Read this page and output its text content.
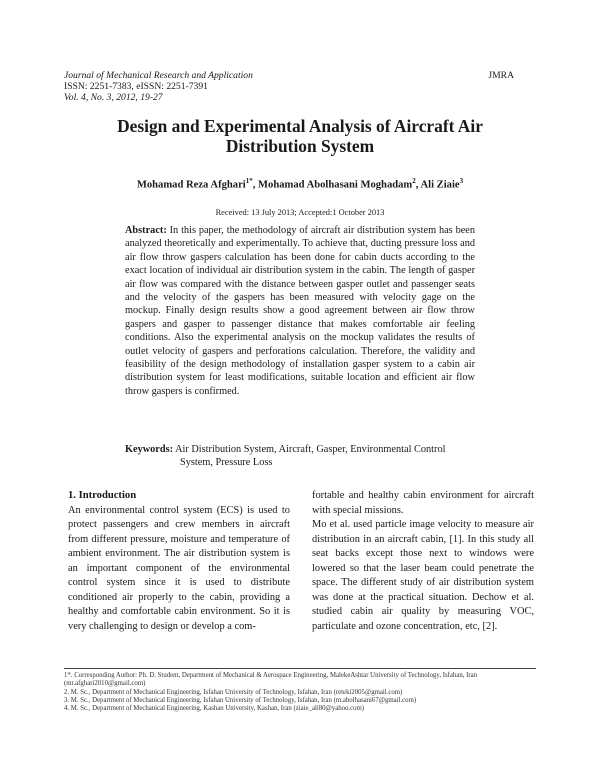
Journal of Mechanical Research and Application
ISSN: 2251-7383, eISSN: 2251-7391
Vol. 4, No. 3, 2012, 19-27
JMRA
Design and Experimental Analysis of Aircraft Air Distribution System
Mohamad Reza Afghari$^{1*}$, Mohamad Abolhasani Moghadam$^2$, Ali Ziaie$^3$
Received: 13 July 2013; Accepted:1 October 2013
Abstract: In this paper, the methodology of aircraft air distribution system has been analyzed theoretically and experimentally. To achieve that, ducting pressure loss and air flow throw gaspers calculation has been done for cabin ducts according to the exact location of individual air distribution system in the cabin. The length of gasper air flow was compared with the distance between gasper outlet and passenger seats and the velocity of the gaspers has been measured with velocity gage on the mockup. Finally design results show a good agreement between air flow throw gaspers and gasper to passenger distance that makes comfortable air feeling conditions. Also the experimental analysis on the mockup validates the results of outlet velocity of gaspers and perforations calculation. Therefore, the validity and feasibility of the design methodology of installation gasper system to a cabin air distribution system for least modifications, suitable location and efficient air flow throw gaspers is confirmed.
Keywords: Air Distribution System, Aircraft, Gasper, Environmental Control
System, Pressure Loss
1. Introduction

An environmental control system (ECS) is used to protect passengers and crew members in aircraft from different pressure, moisture and temperature of ambient environment. The air distribution system is an important component of the environmental control system since it is used to distribute conditioned air properly to the cabin, providing a healthy and comfortable cabin environment. So it is very challenging to design or develop a com-

fortable and healthy cabin environment for aircraft with special missions.

Mo et al. used particle image velocity to measure air distribution in an aircraft cabin, [1]. In this study all seat backs except those next to windows were lowered so that the laser beam could penetrate the space. The different study of air distribution system was done at the practical situation. Dechow et al. studied cabin air quality by measuring VOC, particulate and ozone concentration, etc, [2].

1*. Corresponding Author: Ph. D. Student, Department of Mechanical & Aerospace Engineering, MalekeAshtar University of Technology, Isfahan, Iran (mr.afghari2010@gmail.com)
2. M. Sc., Department of Mechanical Engineering, Isfahan University of Technology, Isfahan, Iran (reteki2005@gmail.com)
3. M. Sc., Department of Mechanical Engineering, Isfahan University of Technology, Isfahan, Iran (m.abolhasani67@gmail.com)
4. M. Sc., Department of Mechanical Engineering, Kashan University, Kashan, Iran (ziaie_ali80@yahoo.com)
